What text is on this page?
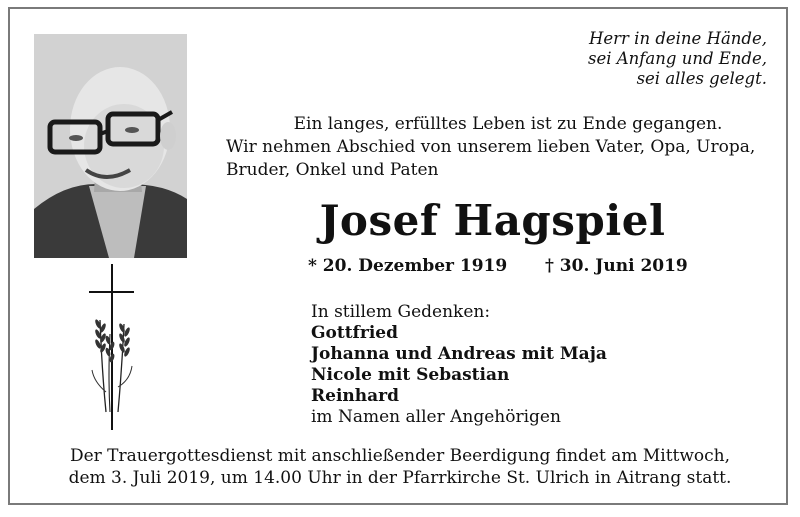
Herr in deine Hände,
sei Anfang und Ende,
sei alles gelegt.
Ein langes, erfülltes Leben ist zu Ende gegangen.
Wir nehmen Abschied von unserem lieben Vater, Opa, Uropa,
Bruder, Onkel und Paten
Josef Hagspiel
* 20. Dezember 1919 † 30. Juni 2019
In stillem Gedenken:
Gottfried
Johanna und Andreas mit Maja
Nicole mit Sebastian
Reinhard
im Namen aller Angehörigen
Der Trauergottesdienst mit anschließender Beerdigung findet am Mittwoch,
dem 3. Juli 2019, um 14.00 Uhr in der Pfarrkirche St. Ulrich in Aitrang statt.
